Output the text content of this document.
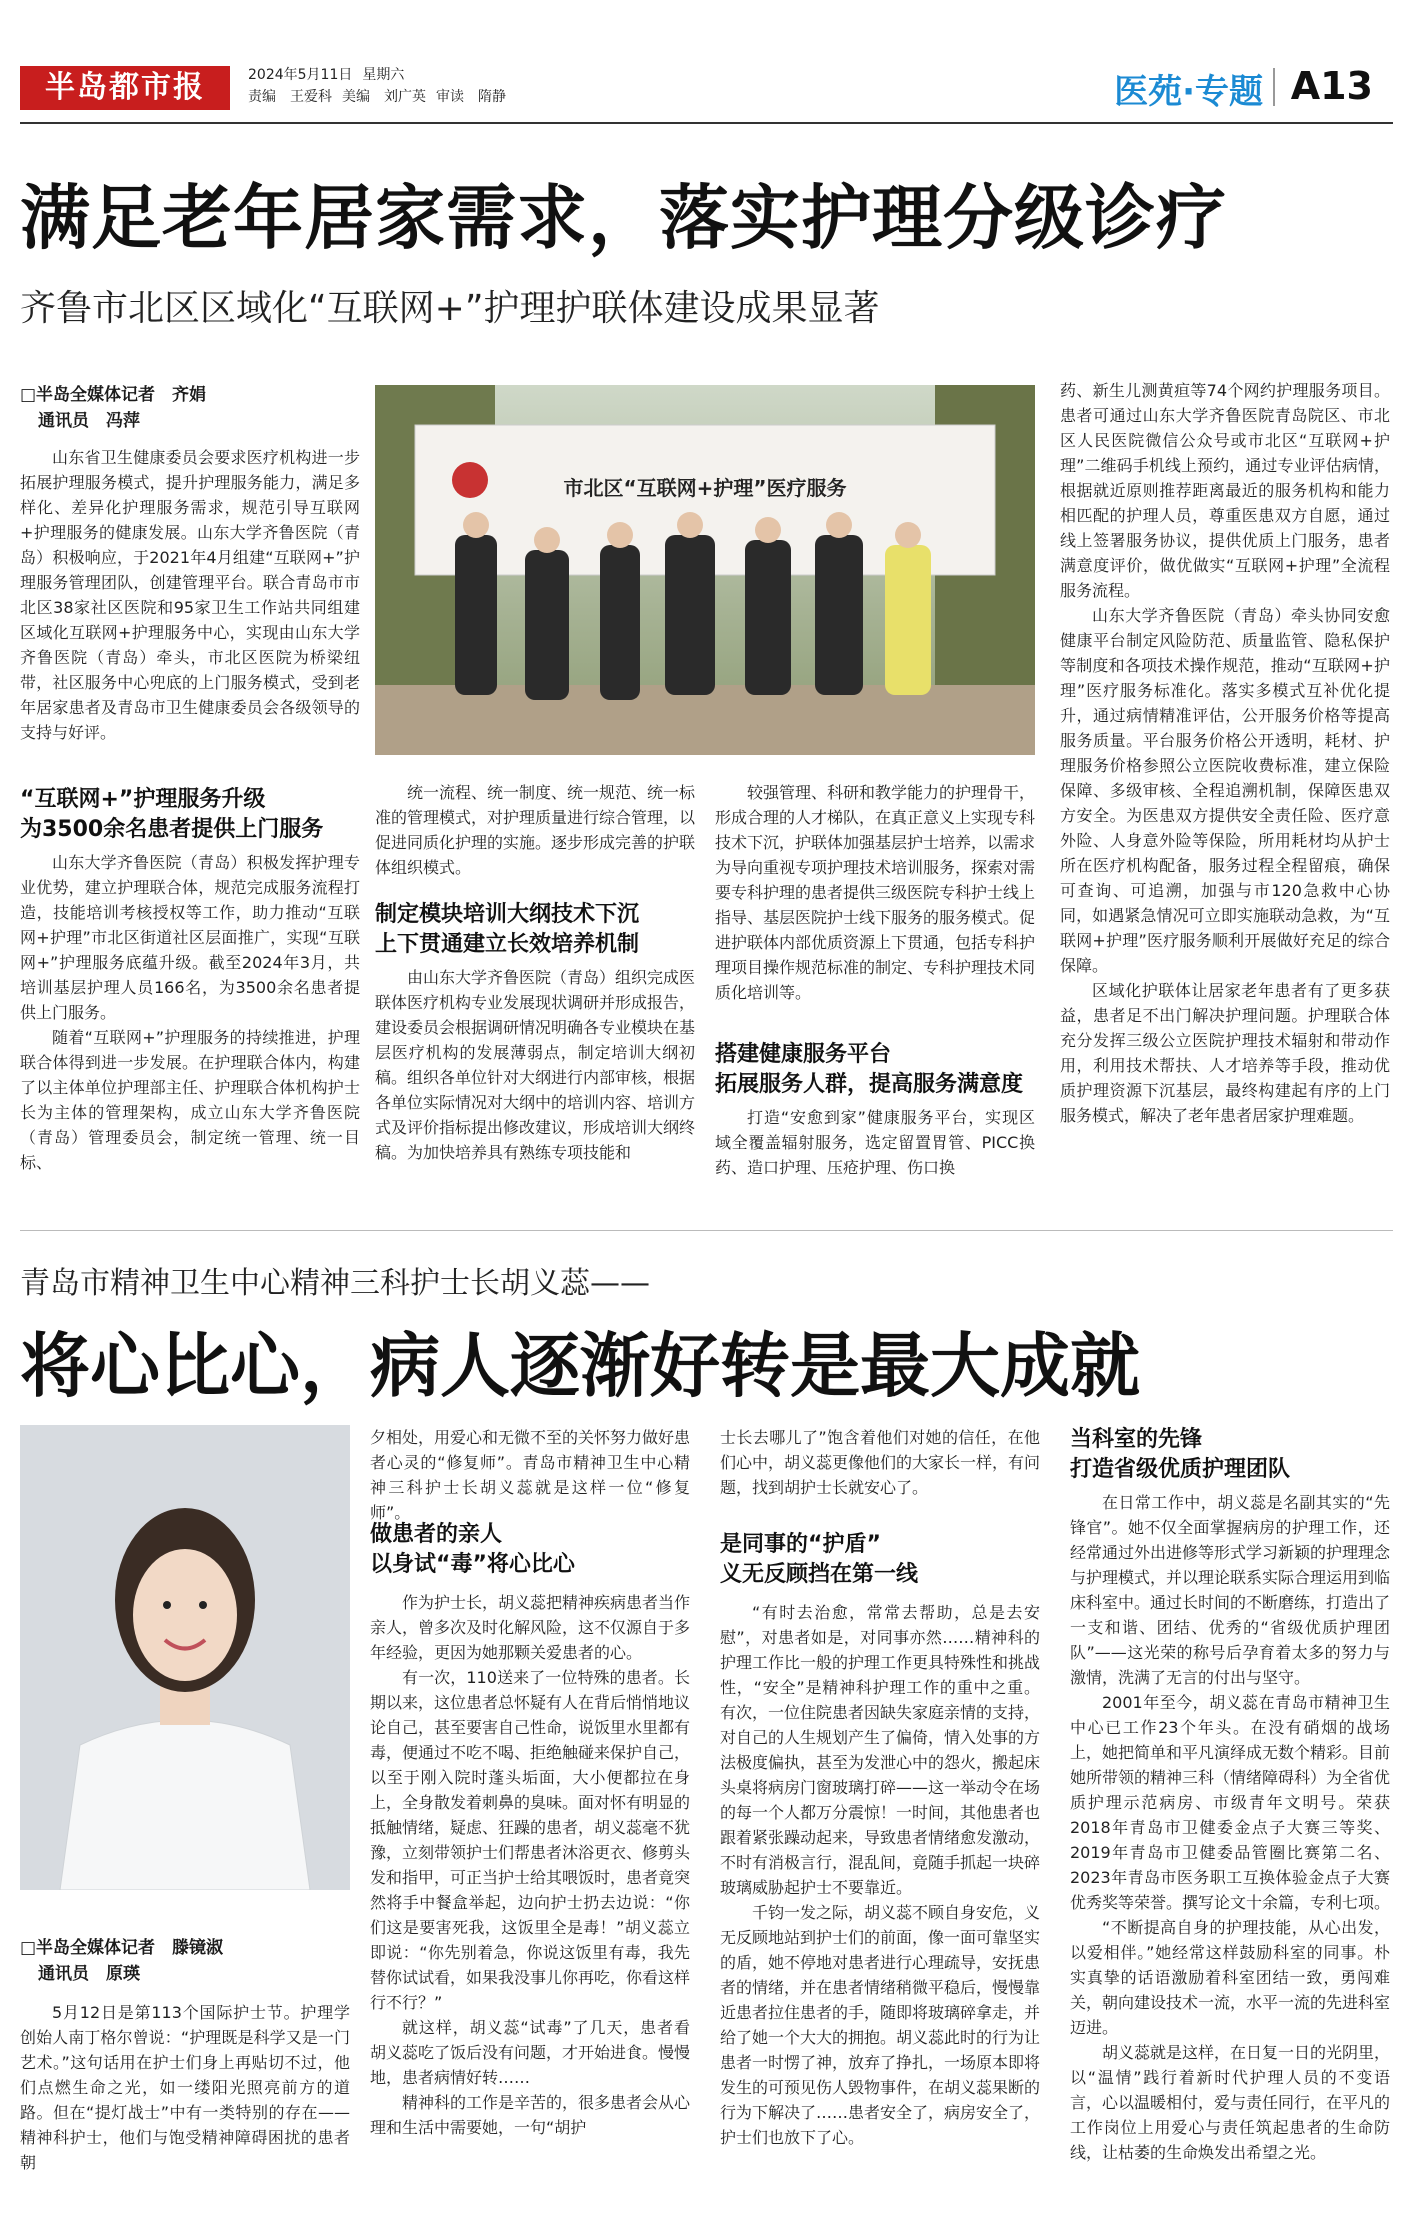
半岛都市报	2024年5月11日 星期六
责编　王爱科 美编　刘广英 审读　隋静	医苑·专题 A13
满足老年居家需求，落实护理分级诊疗
齐鲁市北区区域化“互联网+”护理护联体建设成果显著
□半岛全媒体记者　齐娟
通讯员　冯萍

山东省卫生健康委员会要求医疗机构进一步拓展护理服务模式，提升护理服务能力，满足多样化、差异化护理服务需求，规范引导互联网+护理服务的健康发展。山东大学齐鲁医院（青岛）积极响应，于2021年4月组建“互联网+”护理服务管理团队，创建管理平台。联合青岛市市北区38家社区医院和95家卫生工作站共同组建区域化互联网+护理服务中心，实现由山东大学齐鲁医院（青岛）牵头，市北区医院为桥梁纽带，社区服务中心兜底的上门服务模式，受到老年居家患者及青岛市卫生健康委员会各级领导的支持与好评。

“互联网+”护理服务升级
为3500余名患者提供上门服务

山东大学齐鲁医院（青岛）积极发挥护理专业优势，建立护理联合体，规范完成服务流程打造，技能培训考核授权等工作，助力推动“互联网+护理”市北区街道社区层面推广，实现“互联网+”护理服务底蕴升级。截至2024年3月，共培训基层护理人员166名，为3500余名患者提供上门服务。

随着“互联网+”护理服务的持续推进，护理联合体得到进一步发展。在护理联合体内，构建了以主体单位护理部主任、护理联合体机构护士长为主体的管理架构，成立山东大学齐鲁医院（青岛）管理委员会，制定统一管理、统一目标、

市北区“互联网+护理”医疗服务

统一流程、统一制度、统一规范、统一标准的管理模式，对护理质量进行综合管理，以促进同质化护理的实施。逐步形成完善的护联体组织模式。

制定模块培训大纲技术下沉
上下贯通建立长效培养机制

由山东大学齐鲁医院（青岛）组织完成医联体医疗机构专业发展现状调研并形成报告，建设委员会根据调研情况明确各专业模块在基层医疗机构的发展薄弱点，制定培训大纲初稿。组织各单位针对大纲进行内部审核，根据各单位实际情况对大纲中的培训内容、培训方式及评价指标提出修改建议，形成培训大纲终稿。为加快培养具有熟练专项技能和

较强管理、科研和教学能力的护理骨干，形成合理的人才梯队，在真正意义上实现专科技术下沉，护联体加强基层护士培养，以需求为导向重视专项护理技术培训服务，探索对需要专科护理的患者提供三级医院专科护士线上指导、基层医院护士线下服务的服务模式。促进护联体内部优质资源上下贯通，包括专科护理项目操作规范标准的制定、专科护理技术同质化培训等。

搭建健康服务平台
拓展服务人群，提高服务满意度

打造“安愈到家”健康服务平台，实现区域全覆盖辐射服务，选定留置胃管、PICC换药、造口护理、压疮护理、伤口换

药、新生儿测黄疸等74个网约护理服务项目。患者可通过山东大学齐鲁医院青岛院区、市北区人民医院微信公众号或市北区“互联网+护理”二维码手机线上预约，通过专业评估病情，根据就近原则推荐距离最近的服务机构和能力相匹配的护理人员，尊重医患双方自愿，通过线上签署服务协议，提供优质上门服务，患者满意度评价，做优做实“互联网+护理”全流程服务流程。

山东大学齐鲁医院（青岛）牵头协同安愈健康平台制定风险防范、质量监管、隐私保护等制度和各项技术操作规范，推动“互联网+护理”医疗服务标准化。落实多模式互补优化提升，通过病情精准评估，公开服务价格等提高服务质量。平台服务价格公开透明，耗材、护理服务价格参照公立医院收费标准，建立保险保障、多级审核、全程追溯机制，保障医患双方安全。为医患双方提供安全责任险、医疗意外险、人身意外险等保险，所用耗材均从护士所在医疗机构配备，服务过程全程留痕，确保可查询、可追溯，加强与市120急救中心协同，如遇紧急情况可立即实施联动急救，为“互联网+护理”医疗服务顺利开展做好充足的综合保障。

区域化护联体让居家老年患者有了更多获益，患者足不出门解决护理问题。护理联合体充分发挥三级公立医院护理技术辐射和带动作用，利用技术帮扶、人才培养等手段，推动优质护理资源下沉基层，最终构建起有序的上门服务模式，解决了老年患者居家护理难题。

青岛市精神卫生中心精神三科护士长胡义蕊——
将心比心，病人逐渐好转是最大成就
□半岛全媒体记者　滕镜淑
通讯员　原瑛

5月12日是第113个国际护士节。护理学创始人南丁格尔曾说：“护理既是科学又是一门艺术。”这句话用在护士们身上再贴切不过，他们点燃生命之光，如一缕阳光照亮前方的道路。但在“提灯战士”中有一类特别的存在——精神科护士，他们与饱受精神障碍困扰的患者朝

夕相处，用爱心和无微不至的关怀努力做好患者心灵的“修复师”。青岛市精神卫生中心精神三科护士长胡义蕊就是这样一位“修复师”。

做患者的亲人
以身试“毒”将心比心

作为护士长，胡义蕊把精神疾病患者当作亲人，曾多次及时化解风险，这不仅源自于多年经验，更因为她那颗关爱患者的心。

有一次，110送来了一位特殊的患者。长期以来，这位患者总怀疑有人在背后悄悄地议论自己，甚至要害自己性命，说饭里水里都有毒，便通过不吃不喝、拒绝触碰来保护自己，以至于刚入院时蓬头垢面，大小便都拉在身上，全身散发着刺鼻的臭味。面对怀有明显的抵触情绪，疑虑、狂躁的患者，胡义蕊毫不犹豫，立刻带领护士们帮患者沐浴更衣、修剪头发和指甲，可正当护士给其喂饭时，患者竟突然将手中餐盒举起，边向护士扔去边说：“你们这是要害死我，这饭里全是毒！”胡义蕊立即说：“你先别着急，你说这饭里有毒，我先替你试试看，如果我没事儿你再吃，你看这样行不行？”

就这样，胡义蕊“试毒”了几天，患者看胡义蕊吃了饭后没有问题，才开始进食。慢慢地，患者病情好转……

精神科的工作是辛苦的，很多患者会从心理和生活中需要她，一句“胡护

士长去哪儿了”饱含着他们对她的信任，在他们心中，胡义蕊更像他们的大家长一样，有问题，找到胡护士长就安心了。

是同事的“护盾”
义无反顾挡在第一线

“有时去治愈，常常去帮助，总是去安慰”，对患者如是，对同事亦然……精神科的护理工作比一般的护理工作更具特殊性和挑战性，“安全”是精神科护理工作的重中之重。有次，一位住院患者因缺失家庭亲情的支持，对自己的人生规划产生了偏倚，情入处事的方法极度偏执，甚至为发泄心中的怨火，搬起床头桌将病房门窗玻璃打碎——这一举动令在场的每一个人都万分震惊！一时间，其他患者也跟着紧张躁动起来，导致患者情绪愈发激动，不时有消极言行，混乱间，竟随手抓起一块碎玻璃威胁起护士不要靠近。

千钧一发之际，胡义蕊不顾自身安危，义无反顾地站到护士们的前面，像一面可靠坚实的盾，她不停地对患者进行心理疏导，安抚患者的情绪，并在患者情绪稍微平稳后，慢慢靠近患者拉住患者的手，随即将玻璃碎拿走，并给了她一个大大的拥抱。胡义蕊此时的行为让患者一时愣了神，放弃了挣扎，一场原本即将发生的可预见伤人毁物事件，在胡义蕊果断的行为下解决了……患者安全了，病房安全了，护士们也放下了心。

当科室的先锋
打造省级优质护理团队

在日常工作中，胡义蕊是名副其实的“先锋官”。她不仅全面掌握病房的护理工作，还经常通过外出进修等形式学习新颖的护理理念与护理模式，并以理论联系实际合理运用到临床科室中。通过长时间的不断磨练，打造出了一支和谐、团结、优秀的“省级优质护理团队”——这光荣的称号后孕育着太多的努力与激情，洗满了无言的付出与坚守。

2001年至今，胡义蕊在青岛市精神卫生中心已工作23个年头。在没有硝烟的战场上，她把简单和平凡演绎成无数个精彩。目前她所带领的精神三科（情绪障碍科）为全省优质护理示范病房、市级青年文明号。荣获2018年青岛市卫健委金点子大赛三等奖、2019年青岛市卫健委品管圈比赛第二名、2023年青岛市医务职工互换体验金点子大赛优秀奖等荣誉。撰写论文十余篇，专利七项。

“不断提高自身的护理技能，从心出发，以爱相伴。”她经常这样鼓励科室的同事。朴实真挚的话语激励着科室团结一致，勇闯难关，朝向建设技术一流，水平一流的先进科室迈进。

胡义蕊就是这样，在日复一日的光阴里，以“温情”践行着新时代护理人员的不变语言，心以温暖相付，爱与责任同行，在平凡的工作岗位上用爱心与责任筑起患者的生命防线，让枯萎的生命焕发出希望之光。
